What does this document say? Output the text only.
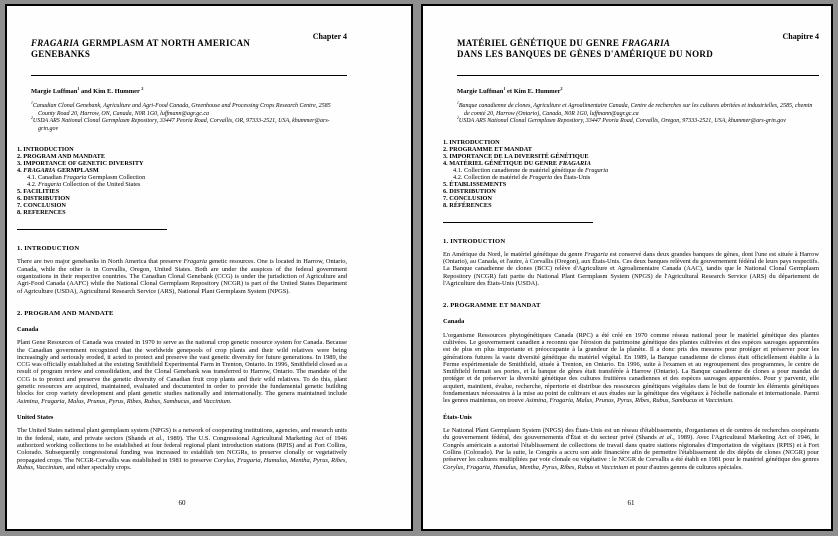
FRAGARIA GERMPLASM AT NORTH AMERICAN
GENEBANKS
Chapter 4
Margie Luffman$^1$ and Kim E. Hummer $^2$
$^1$Canadian Clonal Genebank, Agriculture and Agri-Food Canada, Greenhouse and Processing Crops Research Centre, 2585 County Road 20, Harrow, ON, Canada, N0R 1G0, luffmann@agr.gc.ca
$^2$USDA ARS National Clonal Germplasm Repository, 33447 Peoria Road, Corvallis, OR, 97333-2521, USA, khummer@ars-grin.gov
1. INTRODUCTION
2. PROGRAM AND MANDATE
3. IMPORTANCE OF GENETIC DIVERSITY
4. FRAGARIA GERMPLASM
4.1. Canadian Fragaria Germplasm Collection
4.2. Fragaria Collection of the United States
5. FACILITIES
6. DISTRIBUTION
7. CONCLUSION
8. REFERENCES
1. INTRODUCTION

There are two major genebanks in North America that preserve Fragaria genetic resources. One is located in Harrow, Ontario, Canada, while the other is in Corvallis, Oregon, United States. Both are under the auspices of the federal government organizations in their respective countries. The Canadian Clonal Genebank (CCG) is under the jurisdiction of Agriculture and Agri-Food Canada (AAFC) while the National Clonal Germplasm Repository (NCGR) is part of the United States Department of Agriculture (USDA), Agricultural Research Service (ARS), National Plant Germplasm System (NPGS).

2. PROGRAM AND MANDATE
Canada

Plant Gene Resources of Canada was created in 1970 to serve as the national crop genetic resource system for Canada. Because the Canadian government recognized that the worldwide genepools of crop plants and their wild relatives were being increasingly and seriously eroded, it acted to protect and preserve the vast genetic diversity for future generations. In 1989, the CCG was officially established at the existing Smithfield Experimental Farm in Trenton, Ontario. In 1996, Smithfield closed as a result of program review and consolidation, and the Clonal Genebank was transferred to Harrow, Ontario. The mandate of the CCG is to protect and preserve the genetic diversity of Canadian fruit crop plants and their wild relatives. To do this, plant genetic resources are acquired, maintained, evaluated and documented in order to provide the fundamental genetic building blocks for crop variety development and plant genetic studies nationally and internationally. The genera maintained include Asimina, Fragaria, Malus, Prunus, Pyrus, Ribes, Rubus, Sambucus, and Vaccinium.

United States

The United States national plant germplasm system (NPGS) is a network of cooperating institutions, agencies, and research units in the federal, state, and private sectors (Shands et al., 1989). The U.S. Congressional Agricultural Marketing Act of 1946 authorized working collections to be established at four federal regional plant introduction stations (RPIS) and at Fort Collins, Colorado. Subsequently congressional funding was increased to establish ten NCGRs, to preserve clonally or vegetatively propagated crops. The NCGR-Corvallis was established in 1981 to preserve Corylus, Fragaria, Humulus, Mentha, Pyrus, Ribes, Rubus, Vaccinium, and other specialty crops.

60
MATÉRIEL GÉNÉTIQUE DU GENRE FRAGARIA
DANS LES BANQUES DE GÈNES D'AMÉRIQUE DU NORD
Chapitre 4
Margie Luffman$^1$ et Kim E. Hummer$^2$
$^1$Banque canadienne de clones, Agriculture et Agroalimentaire Canada, Centre de recherches sur les cultures abritées et industrielles, 2585, chemin de comté 20, Harrow (Ontario), Canada, N0R 1G0, luffmann@agr.gc.ca
$^2$USDA ARS National Clonal Germplasm Repository, 33447 Peoria Road, Corvallis, Oregon, 97333-2521, USA, khummer@ars-grin.gov
1. INTRODUCTION
2. PROGRAMME ET MANDAT
3. IMPORTANCE DE LA DIVERSITÉ GÉNÉTIQUE
4. MATÉRIEL GÉNÉTIQUE DU GENRE FRAGARIA
4.1. Collection canadienne de matériel génétique de Fragaria
4.2. Collection de matériel de Fragaria des États-Unis
5. ÉTABLISSEMENTS
6. DISTRIBUTION
7. CONCLUSION
8. RÉFÉRENCES
1. INTRODUCTION

En Amérique du Nord, le matériel génétique du genre Fragaria est conservé dans deux grandes banques de gènes, dont l'une est située à Harrow (Ontario), au Canada, et l'autre, à Corvallis (Oregon), aux États-Unis. Ces deux banques relèvent du gouvernement fédéral de leurs pays respectifs. La Banque canadienne de clones (BCC) relève d'Agriculture et Agroalimentaire Canada (AAC), tandis que le National Clonal Germplasm Repository (NCGR) fait partie du National Plant Germplasm System (NPGS) de l'Agricultural Research Service (ARS) du département de l'Agriculture des États-Unis (USDA).

2. PROGRAMME ET MANDAT
Canada

L'organisme Ressources phytogénétiques Canada (RPC) a été créé en 1970 comme réseau national pour le matériel génétique des plantes cultivées. Le gouvernement canadien a reconnu que l'érosion du patrimoine génétique des plantes cultivées et des espèces sauvages apparentées est de plus en plus importante et préoccupante à la grandeur de la planète. Il a donc pris des mesures pour protéger et préserver pour les générations futures la vaste diversité génétique du matériel végétal. En 1989, la Banque canadienne de clones était officiellement établie à la Ferme expérimentale de Smithfield, située à Trenton, en Ontario. En 1996, suite à l'examen et au regroupement des programmes, le centre de Smithfield fermait ses portes, et la banque de gènes était transférée à Harrow (Ontario). La Banque canadienne de clones a pour mandat de protéger et de préserver la diversité génétique des cultures fruitières canadiennes et des espèces sauvages apparentées. Pour y parvenir, elle acquiert, maintient, évalue, recherche, répertorie et distribue des ressources génétiques végétales dans le but de fournir les éléments génétiques fondamentaux nécessaires à la mise au point de cultivars et aux études sur la génétique des végétaux à l'échelle nationale et internationale. Parmi les genres maintenus, on trouve Asimina, Fragaria, Malus, Prunus, Pyrus, Ribes, Rubus, Sambucus et Vaccinium.

États-Unis

Le National Plant Germplasm System (NPGS) des États-Unis est un réseau d'établissements, d'organismes et de centres de recherches coopérants du gouvernement fédéral, des gouvernements d'État et du secteur privé (Shands et al., 1989). Avec l'Agricultural Marketing Act of 1946, le Congrès américain a autorisé l'établissement de collections de travail dans quatre stations régionales d'importation de végétaux (RPIS) et à Fort Collins (Colorado). Par la suite, le Congrès a accru son aide financière afin de permettre l'établissement de dix dépôts de clones (NCGR) pour préserver les cultures multipliées par voie clonale ou végétative : le NCGR de Corvallis a été établi en 1981 pour le matériel génétique des genres Corylus, Fragaria, Humulus, Mentha, Pyrus, Ribes, Rubus et Vaccinium et pour d'autres genres de cultures spéciales.

61
